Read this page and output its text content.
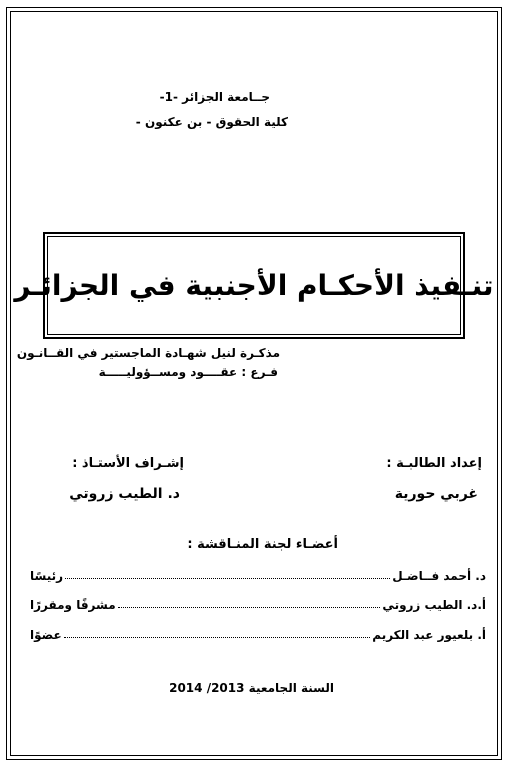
جــامعة الجزائر -1-
كلية الحقوق - بن عكنون -
تنـفيذ الأحكـام الأجنبية في الجزائـر
مذكـرة لنيل شهـادة الماجستير في القــانـون
فـرع : عقــــود ومســؤوليـــــة
إعداد الطالبـة :
إشـراف الأستـاذ :
غربي حورية
د. الطيب زروتي
أعضـاء لجنة المنـاقشة :
د. أحمد فــاضـل
رئيسًا
أ.د. الطيب زروتي
مشرفًا ومقررًا
أ. بلعيور عبد الكريم
عضوًا
السنة الجامعية 2013/ 2014
